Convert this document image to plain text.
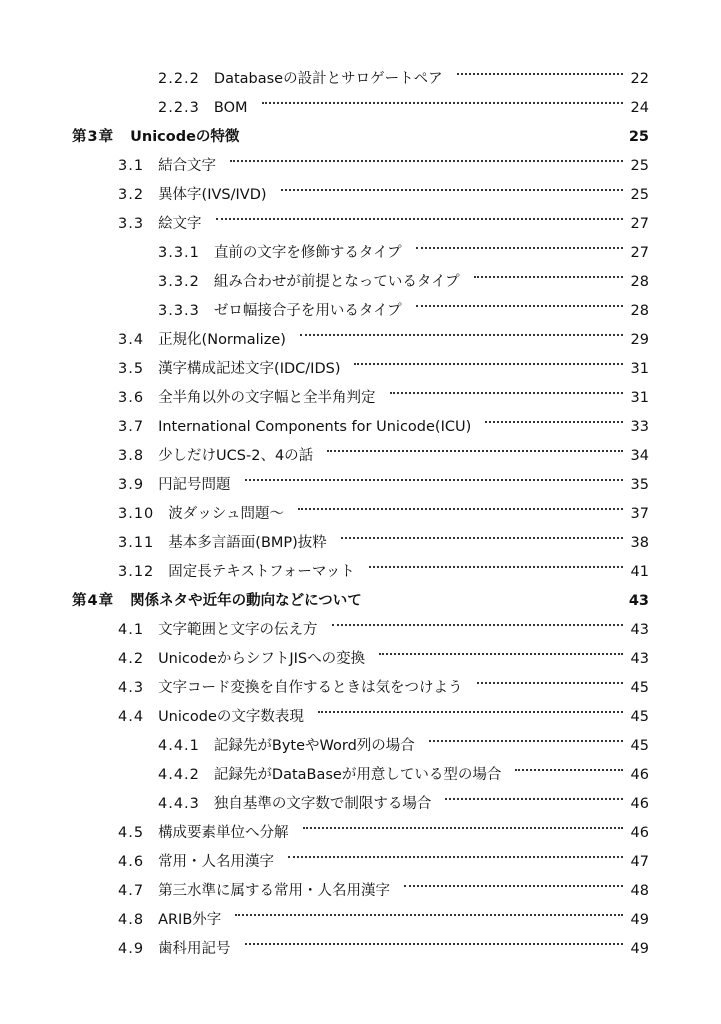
2.2.2 Databaseの設計とサロゲートペア	22
2.2.3 BOM	24
第3章 Unicodeの特徴	25
3.1 結合文字	25
3.2 異体字(IVS/IVD)	25
3.3 絵文字	27
3.3.1 直前の文字を修飾するタイプ	27
3.3.2 組み合わせが前提となっているタイプ	28
3.3.3 ゼロ幅接合子を用いるタイプ	28
3.4 正規化(Normalize)	29
3.5 漢字構成記述文字(IDC/IDS)	31
3.6 全半角以外の文字幅と全半角判定	31
3.7 International Components for Unicode(ICU)	33
3.8 少しだけUCS-2、4の話	34
3.9 円記号問題	35
3.10 波ダッシュ問題〜	37
3.11 基本多言語面(BMP)抜粋	38
3.12 固定長テキストフォーマット	41
第4章 関係ネタや近年の動向などについて	43
4.1 文字範囲と文字の伝え方	43
4.2 UnicodeからシフトJISへの変換	43
4.3 文字コード変換を自作するときは気をつけよう	45
4.4 Unicodeの文字数表現	45
4.4.1 記録先がByteやWord列の場合	45
4.4.2 記録先がDataBaseが用意している型の場合	46
4.4.3 独自基準の文字数で制限する場合	46
4.5 構成要素単位へ分解	46
4.6 常用・人名用漢字	47
4.7 第三水準に属する常用・人名用漢字	48
4.8 ARIB外字	49
4.9 歯科用記号	49
